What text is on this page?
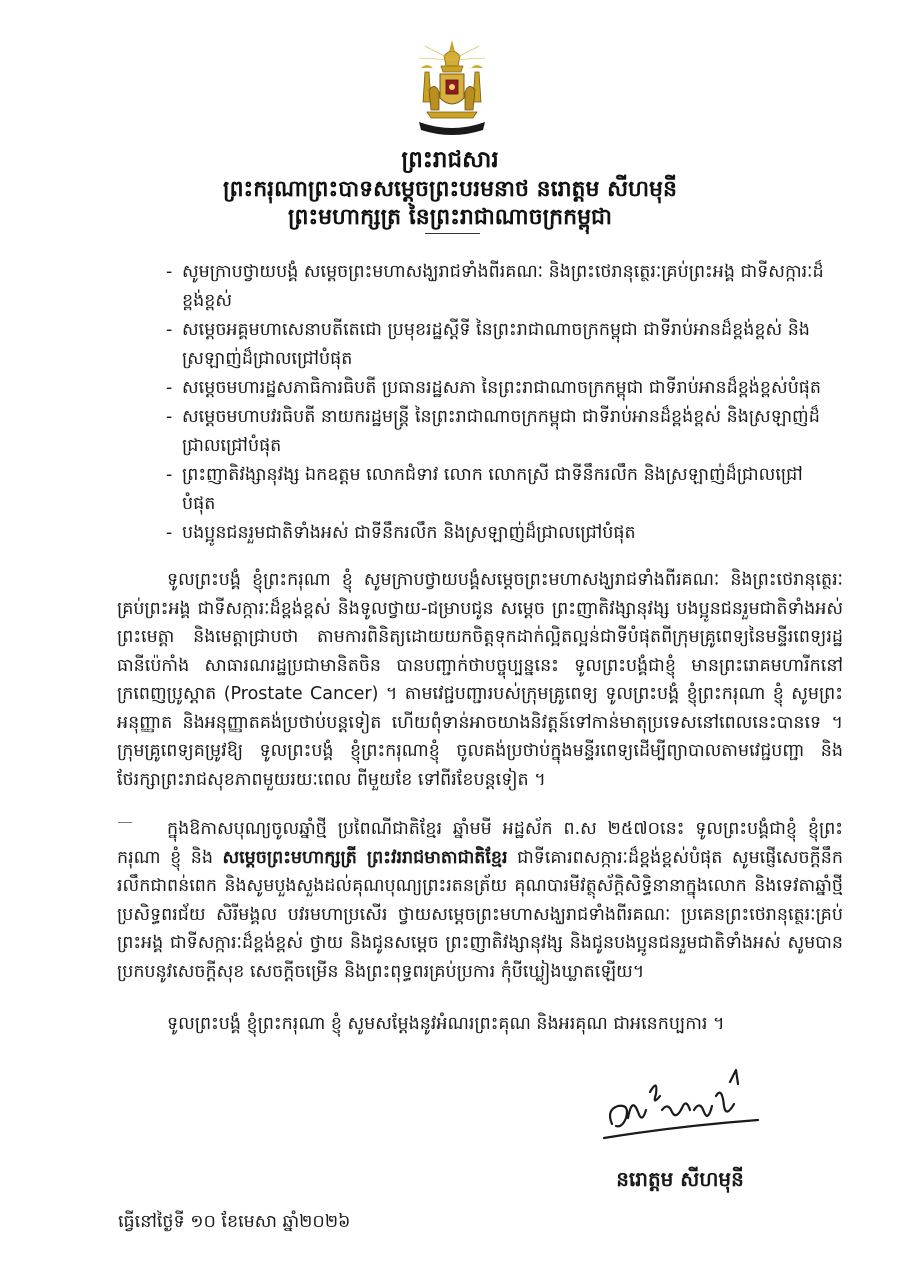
ព្រះរាជសារ
ព្រះករុណាព្រះបាទសម្តេចព្រះបរមនាថ នរោត្តម សីហមុនី
ព្រះមហាក្សត្រ នៃព្រះរាជាណាចក្រកម្ពុជា
- សូមក្រាបថ្វាយបង្គំ សម្តេចព្រះមហាសង្ឃរាជទាំងពីរគណៈ និងព្រះថេរានុត្ថេរៈគ្រប់ព្រះអង្គ ជាទីសក្ការៈដ៏ខ្ពង់ខ្ពស់
- សម្តេចអគ្គមហាសេនាបតីតេជោ ប្រមុខរដ្ឋស្តីទី នៃព្រះរាជាណាចក្រកម្ពុជា ជាទីរាប់អានដ៏ខ្ពង់ខ្ពស់ និងស្រឡាញ់ដ៏ជ្រាលជ្រៅបំផុត
- សម្តេចមហារដ្ឋសភាធិការធិបតី ប្រធានរដ្ឋសភា នៃព្រះរាជាណាចក្រកម្ពុជា ជាទីរាប់អានដ៏ខ្ពង់ខ្ពស់បំផុត
- សម្តេចមហាបវរធិបតី នាយករដ្ឋមន្ត្រី នៃព្រះរាជាណាចក្រកម្ពុជា ជាទីរាប់អានដ៏ខ្ពង់ខ្ពស់ និងស្រឡាញ់ដ៏ជ្រាលជ្រៅបំផុត
- ព្រះញាតិវង្សានុវង្ស ឯកឧត្តម លោកជំទាវ លោក លោកស្រី ជាទីនឹករលឹក និងស្រឡាញ់ដ៏ជ្រាលជ្រៅបំផុត
- បងប្អូនជនរួមជាតិទាំងអស់ ជាទីនឹករលឹក និងស្រឡាញ់ដ៏ជ្រាលជ្រៅបំផុត

ទូលព្រះបង្គំ ខ្ញុំព្រះករុណា ខ្ញុំ សូមក្រាបថ្វាយបង្គំសម្តេចព្រះមហាសង្ឃរាជទាំងពីរគណៈ និងព្រះថេរានុត្ថេរៈគ្រប់ព្រះអង្គ ជាទីសក្ការៈដ៏ខ្ពង់ខ្ពស់ និងទូលថ្វាយ-ជម្រាបជូន សម្តេច ព្រះញាតិវង្សានុវង្ស បងប្អូនជនរួមជាតិទាំងអស់ ព្រះមេត្តា និងមេត្តាជ្រាបថា តាមការពិនិត្យដោយយកចិត្តទុកដាក់ល្អិតល្អន់ជាទីបំផុតពីក្រុមគ្រូពេទ្យនៃមន្ទីរពេទ្យរដ្ឋធានីប៉េកាំង សាធារណរដ្ឋប្រជាមានិតចិន បានបញ្ជាក់ថាបច្ចុប្បន្ននេះ ទូលព្រះបង្គំជាខ្ញុំ មានព្រះរោគមហារីកនៅក្រពេញប្រូស្តាត (Prostate Cancer) ។ តាមវេជ្ជបញ្ជារបស់ក្រុមគ្រូពេទ្យ ទូលព្រះបង្គំ ខ្ញុំព្រះករុណា ខ្ញុំ សូមព្រះអនុញ្ញាត និងអនុញ្ញាតគង់ប្រថាប់បន្តទៀត ហើយពុំទាន់អាចយាងនិវត្តន៍ទៅកាន់មាតុប្រទេសនៅពេលនេះបានទេ ។ ក្រុមគ្រូពេទ្យគម្រូវឱ្យ ទូលព្រះបង្គំ ខ្ញុំព្រះករុណាខ្ញុំ ចូលគង់ប្រថាប់ក្នុងមន្ទីរពេទ្យដើម្បីព្យាបាលតាមវេជ្ជបញ្ជា និងថែរក្សាព្រះរាជសុខភាពមួយរយៈពេល ពីមួយខែ ទៅពីរខែបន្តទៀត ។

ក្នុងឱកាសបុណ្យចូលឆ្នាំថ្មី ប្រពៃណីជាតិខ្មែរ ឆ្នាំមមី អដ្ឋស័ក ព.ស ២៥៧០នេះ ទូលព្រះបង្គំជាខ្ញុំ ខ្ញុំព្រះករុណា ខ្ញុំ និង សម្តេចព្រះមហាក្សត្រី ព្រះវររាជមាតាជាតិខ្មែរ ជាទីគោរពសក្ការៈដ៏ខ្ពង់ខ្ពស់បំផុត សូមផ្ញើសេចក្តីនឹករលឹកជាពន់ពេក និងសូមបួងសួងដល់គុណបុណ្យព្រះរតនត្រ័យ គុណបារមីវត្ថុស័ក្តិសិទ្ធិនានាក្នុងលោក និងទេវតាឆ្នាំថ្មី ប្រសិទ្ធពរជ័យ សិរីមង្គល បវរមហាប្រសើរ ថ្វាយសម្តេចព្រះមហាសង្ឃរាជទាំងពីរគណៈ ប្រគេនព្រះថេរានុត្ថេរៈគ្រប់ព្រះអង្គ ជាទីសក្ការៈដ៏ខ្ពង់ខ្ពស់ ថ្វាយ និងជូនសម្តេច ព្រះញាតិវង្សានុវង្ស និងជូនបងប្អូនជនរួមជាតិទាំងអស់ សូមបានប្រកបនូវសេចក្តីសុខ សេចក្តីចម្រើន និងព្រះពុទ្ធពរគ្រប់ប្រការ កុំបីឃ្លៀងឃ្លាតឡើយ។

ទូលព្រះបង្គំ ខ្ញុំព្រះករុណា ខ្ញុំ សូមសម្តែងនូវអំណរព្រះគុណ និងអរគុណ ជាអនេកប្បការ ។

នរោត្តម សីហមុនី
ធ្វើនៅថ្ងៃទី ១០ ខែមេសា ឆ្នាំ២០២៦
